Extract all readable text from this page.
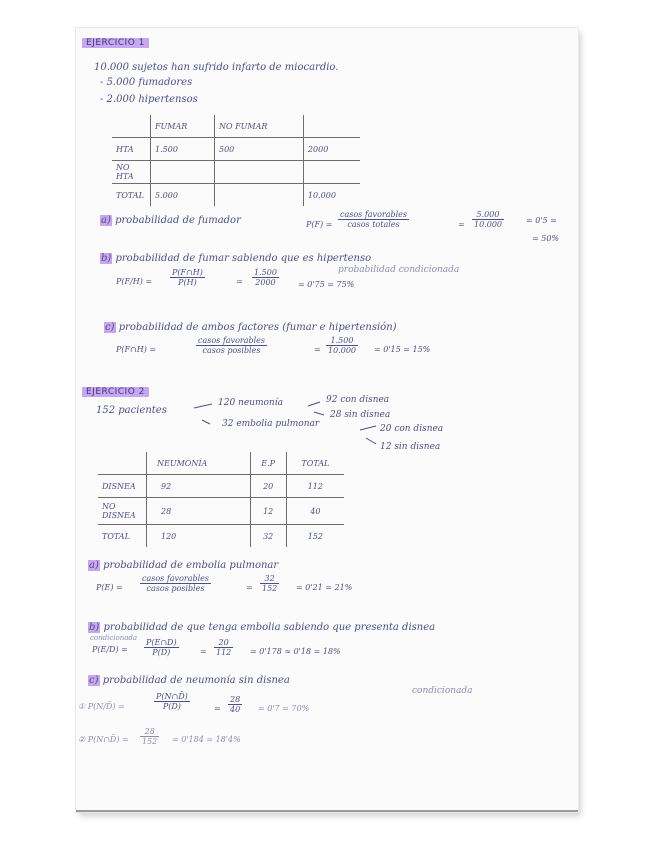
EJERCICIO 1
10.000 sujetos han sufrido infarto de miocardio.
- 5.000 fumadores
- 2.000 hipertensos
	FUMAR	NO FUMAR	
HTA	1.500	500	2000
NO HTA			
TOTAL	5.000		10.000
a) probabilidad de fumador	P(F) =
casos favorables
casos totales	= $\frac{5.000}{10.000}$	= 0'5 =
= 50%
b) probabilidad de fumar sabiendo que es hipertenso
$P(F/H) = \frac{P(F\cap H)}{P(H)}$	= $\frac{1.500}{2000} = 0'75 = 75\%$
probabilidad condicionada
c) probabilidad de ambos factores (fumar e hipertensión)
P(F∩H) =
casos favorables
casos posibles	= $\frac{1.500}{10.000} = 0'15 = 15\%$
EJERCICIO 2
152 pacientes
120 neumonía	92 con disnea
28 sin disnea
32 embolia pulmonar	20 con disnea
12 sin disnea
	NEUMONÍA	E.P	TOTAL
DISNEA	92	20	112
NO DISNEA	28	12	40
TOTAL	120	32	152
a) probabilidad de embolia pulmonar
P(E) =
casos favorables
casos posibles	= $\frac{32}{152} = 0'21 = 21\%$
b) probabilidad de que tenga embolia sabiendo que presenta disnea
condicionada
$P(E/D) = \frac{P(E\cap D)}{P(D)}$	= $\frac{20}{112} = 0'178 \approx 0'18 = 18\%$
c) probabilidad de neumonía sin disnea
condicionada
① P(N/D̄) =	$\frac{P(N\cap D̄)}{P(D̄)}$	= $\frac{28}{40} = 0'7 = 70\%$
② P(N∩D̄) = $\frac{28}{152} = 0'184 = 18'4\%$
